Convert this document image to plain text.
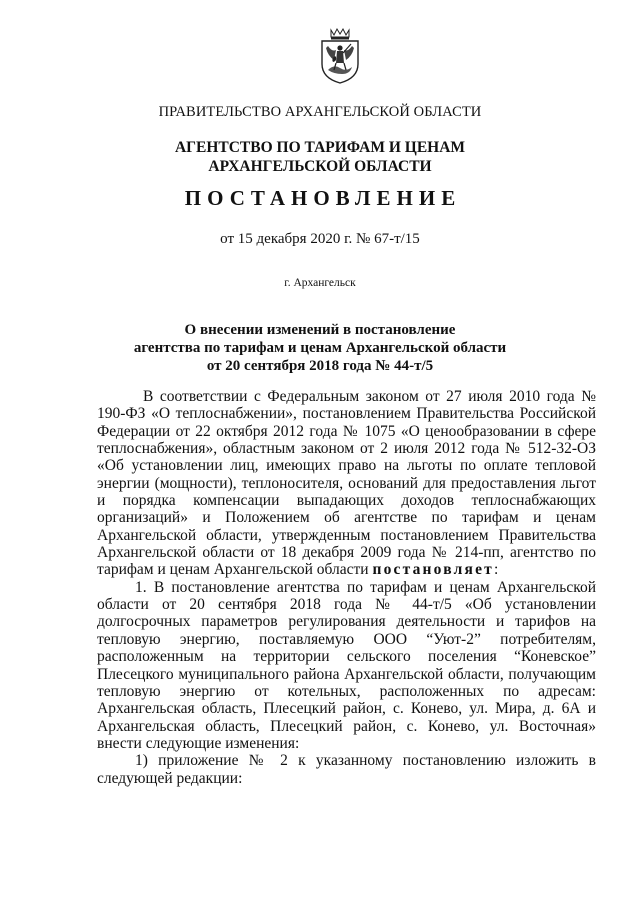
ПРАВИТЕЛЬСТВО АРХАНГЕЛЬСКОЙ ОБЛАСТИ
АГЕНТСТВО ПО ТАРИФАМ И ЦЕНАМ
АРХАНГЕЛЬСКОЙ ОБЛАСТИ
ПОСТАНОВЛЕНИЕ
от 15 декабря 2020 г. № 67-т/15
г. Архангельск
О внесении изменений в постановление
агентства по тарифам и ценам Архангельской области
от 20 сентября 2018 года № 44-т/5

В соответствии с Федеральным законом от 27 июля 2010 года № 190-ФЗ «О теплоснабжении», постановлением Правительства Российской Федерации от 22 октября 2012 года № 1075 «О ценообразовании в сфере теплоснабжения», областным законом от 2 июля 2012 года № 512-32-ОЗ «Об установлении лиц, имеющих право на льготы по оплате тепловой энергии (мощности), теплоносителя, оснований для предоставления льгот и порядка компенсации выпадающих доходов теплоснабжающих организаций» и Положением об агентстве по тарифам и ценам Архангельской области, утвержденным постановлением Правительства Архангельской области от 18 декабря 2009 года № 214-пп, агентство по тарифам и ценам Архангельской области постановляет:

1. В постановление агентства по тарифам и ценам Архангельской области от 20 сентября 2018 года № 44-т/5 «Об установлении долгосрочных параметров регулирования деятельности и тарифов на тепловую энергию, поставляемую ООО “Уют-2” потребителям, расположенным на территории сельского поселения “Коневское” Плесецкого муниципального района Архангельской области, получающим тепловую энергию от котельных, расположенных по адресам: Архангельская область, Плесецкий район, с. Конево, ул. Мира, д. 6А и Архангельская область, Плесецкий район, с. Конево, ул. Восточная» внести следующие изменения:

1) приложение № 2 к указанному постановлению изложить в следующей редакции:
